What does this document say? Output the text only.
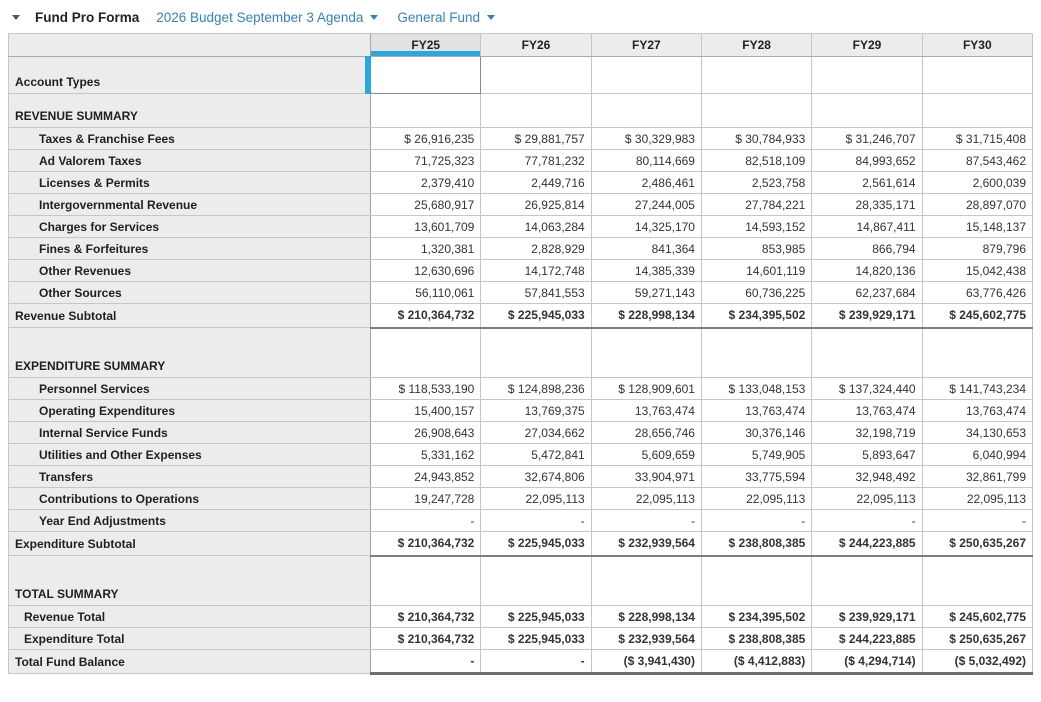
Fund Pro Forma 2026 Budget September 3 Agenda	General Fund
	FY25	FY26	FY27	FY28	FY29	FY30
Account Types						
REVENUE SUMMARY						
Taxes & Franchise Fees	$ 26,916,235	$ 29,881,757	$ 30,329,983	$ 30,784,933	$ 31,246,707	$ 31,715,408
Ad Valorem Taxes	71,725,323	77,781,232	80,114,669	82,518,109	84,993,652	87,543,462
Licenses & Permits	2,379,410	2,449,716	2,486,461	2,523,758	2,561,614	2,600,039
Intergovernmental Revenue	25,680,917	26,925,814	27,244,005	27,784,221	28,335,171	28,897,070
Charges for Services	13,601,709	14,063,284	14,325,170	14,593,152	14,867,411	15,148,137
Fines & Forfeitures	1,320,381	2,828,929	841,364	853,985	866,794	879,796
Other Revenues	12,630,696	14,172,748	14,385,339	14,601,119	14,820,136	15,042,438
Other Sources	56,110,061	57,841,553	59,271,143	60,736,225	62,237,684	63,776,426
Revenue Subtotal	$ 210,364,732	$ 225,945,033	$ 228,998,134	$ 234,395,502	$ 239,929,171	$ 245,602,775
EXPENDITURE SUMMARY						
Personnel Services	$ 118,533,190	$ 124,898,236	$ 128,909,601	$ 133,048,153	$ 137,324,440	$ 141,743,234
Operating Expenditures	15,400,157	13,769,375	13,763,474	13,763,474	13,763,474	13,763,474
Internal Service Funds	26,908,643	27,034,662	28,656,746	30,376,146	32,198,719	34,130,653
Utilities and Other Expenses	5,331,162	5,472,841	5,609,659	5,749,905	5,893,647	6,040,994
Transfers	24,943,852	32,674,806	33,904,971	33,775,594	32,948,492	32,861,799
Contributions to Operations	19,247,728	22,095,113	22,095,113	22,095,113	22,095,113	22,095,113
Year End Adjustments	-	-	-	-	-	-
Expenditure Subtotal	$ 210,364,732	$ 225,945,033	$ 232,939,564	$ 238,808,385	$ 244,223,885	$ 250,635,267
TOTAL SUMMARY						
Revenue Total	$ 210,364,732	$ 225,945,033	$ 228,998,134	$ 234,395,502	$ 239,929,171	$ 245,602,775
Expenditure Total	$ 210,364,732	$ 225,945,033	$ 232,939,564	$ 238,808,385	$ 244,223,885	$ 250,635,267
Total Fund Balance	-	-	($ 3,941,430)	($ 4,412,883)	($ 4,294,714)	($ 5,032,492)
